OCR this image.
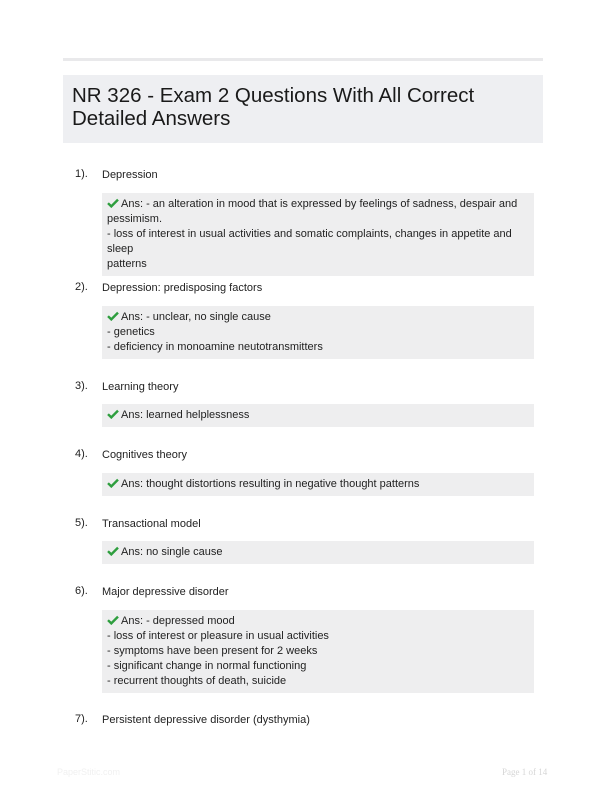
NR 326 - Exam 2 Questions With All Correct Detailed Answers
1). Depression
Ans: - an alteration in mood that is expressed by feelings of sadness, despair and
pessimism.
- loss of interest in usual activities and somatic complaints, changes in appetite and sleep
patterns
2). Depression: predisposing factors
Ans: - unclear, no single cause
- genetics
- deficiency in monoamine neutotransmitters
3). Learning theory
Ans: learned helplessness
4). Cognitives theory
Ans: thought distortions resulting in negative thought patterns
5). Transactional model
Ans: no single cause
6). Major depressive disorder
Ans: - depressed mood
- loss of interest or pleasure in usual activities
- symptoms have been present for 2 weeks
- significant change in normal functioning
- recurrent thoughts of death, suicide
7). Persistent depressive disorder (dysthymia)
PaperStitic.com	Page 1 of 14
